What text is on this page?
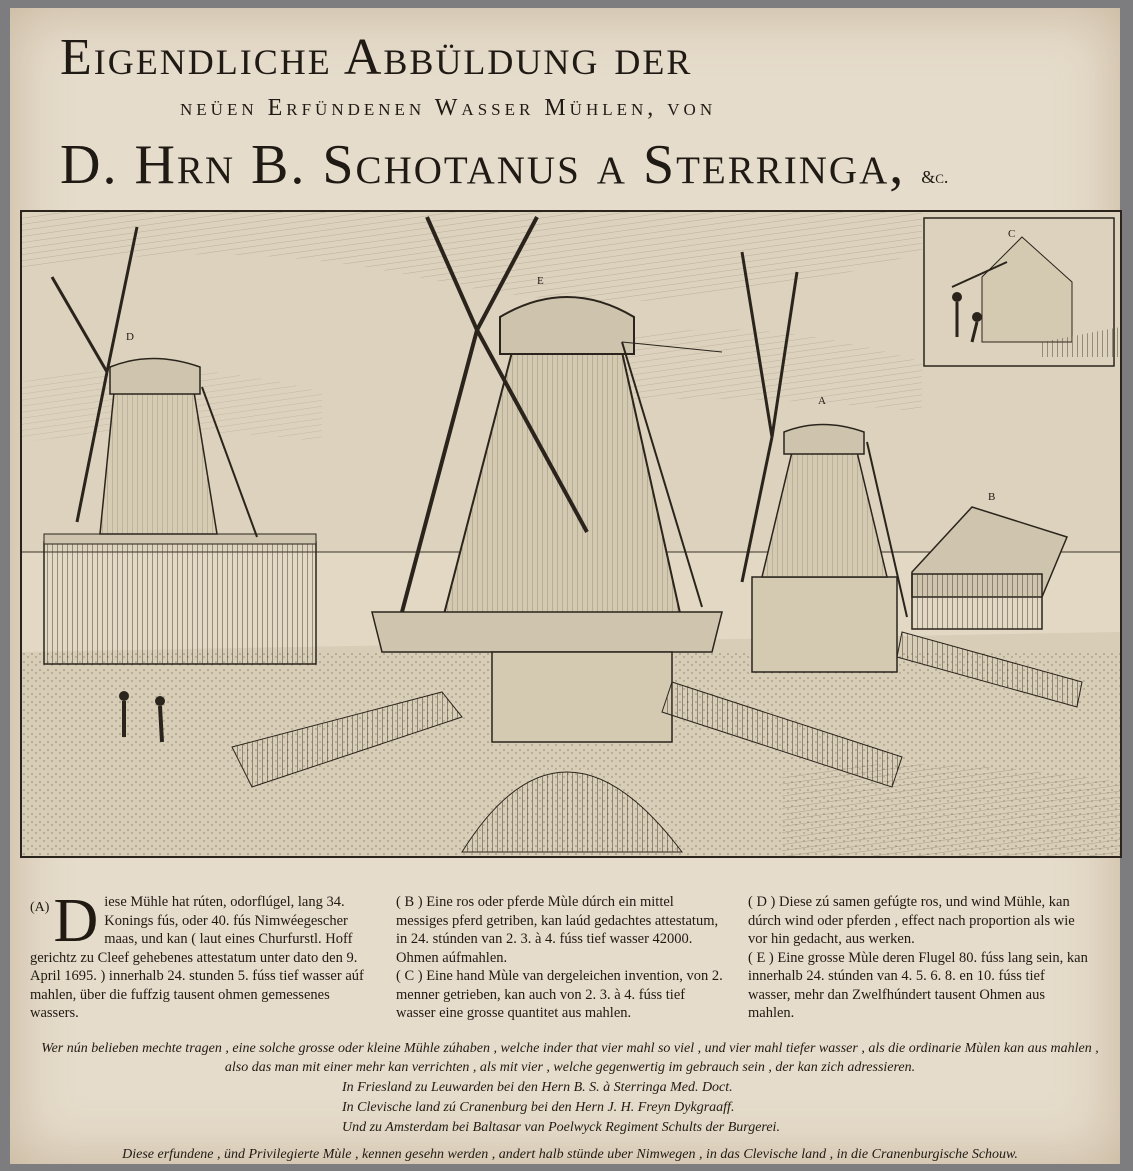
Eigendliche Abbüldung der
neüen Erfündenen Wasser Mühlen, von
D. Hrn B. Schotanus a Sterringa, &c.
D
E
A
B
C
(A) D iese Mühle hat rúten, odorflúgel, lang 34. Konings fús, oder 40. fús Nimwéegescher maas, und kan ( laut eines Churfurstl. Hoff gerichtz zu Cleef gehebenes attestatum unter dato den 9. April 1695. ) innerhalb 24. stunden 5. fúss tief wasser aúf mahlen, über die fuffzig tausent ohmen gemessenes wassers.

( B ) Eine ros oder pferde Mùle dúrch ein mittel messiges pferd getriben, kan laúd gedachtes attestatum, in 24. stúnden van 2. 3. à 4. fúss tief wasser 42000. Ohmen aúfmahlen.

( C ) Eine hand Mùle van dergeleichen invention, von 2. menner getrieben, kan auch von 2. 3. à 4. fúss tief wasser eine grosse quantitet aus mahlen.

( D ) Diese zú samen gefúgte ros, und wind Mühle, kan dúrch wind oder pferden , effect nach proportion als wie vor hin gedacht, aus werken.

( E ) Eine grosse Mùle deren Flugel 80. fúss lang sein, kan innerhalb 24. stúnden van 4. 5. 6. 8. en 10. fúss tief wasser, mehr dan Zwelfhúndert tausent Ohmen aus mahlen.

Wer nún belieben mechte tragen , eine solche grosse oder kleine Mühle zúhaben , welche inder that vier mahl so viel , und vier mahl tiefer wasser , als die ordinarie Mùlen kan aus mahlen , also das man mit einer mehr kan verrichten , als mit vier , welche gegenwertig im gebrauch sein , der kan zich adressieren.
In Friesland zu Leuwarden bei den Hern B. S. à Sterringa Med. Doct.
In Clevische land zú Cranenburg bei den Hern J. H. Freyn Dykgraaff.
Und zu Amsterdam bei Baltasar van Poelwyck Regiment Schults der Burgerei.
Diese erfundene , ünd Privilegierte Mùle , kennen gesehn werden , andert halb stünde uber Nimwegen , in das Clevische land , in die Cranenburgische Schouw.
